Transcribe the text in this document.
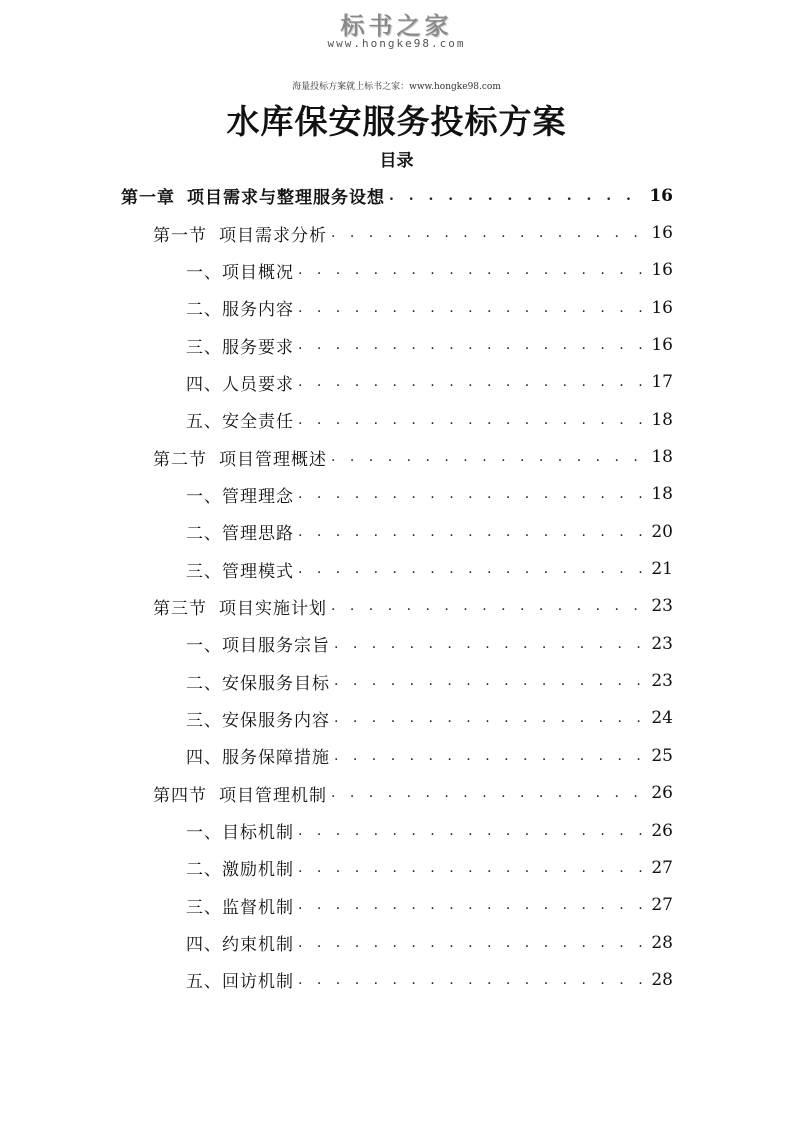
标书之家
www.hongke98.com
海量投标方案就上标书之家：www.hongke98.com
水库保安服务投标方案
目录
第一章 项目需求与整理服务设想 . . .	16
第一节 项目需求分析 . . .	16
一、项目概况 . . .	16
二、服务内容 . . .	16
三、服务要求 . . .	16
四、人员要求 . . .	17
五、安全责任 . . .	18
第二节 项目管理概述 . . .	18
一、管理理念 . . .	18
二、管理思路 . . .	20
三、管理模式 . . .	21
第三节 项目实施计划 . . .	23
一、项目服务宗旨 . . .	23
二、安保服务目标 . . .	23
三、安保服务内容 . . .	24
四、服务保障措施 . . .	25
第四节 项目管理机制 . . .	26
一、目标机制 . . .	26
二、激励机制 . . .	27
三、监督机制 . . .	27
四、约束机制 . . .	28
五、回访机制 . . .	28
